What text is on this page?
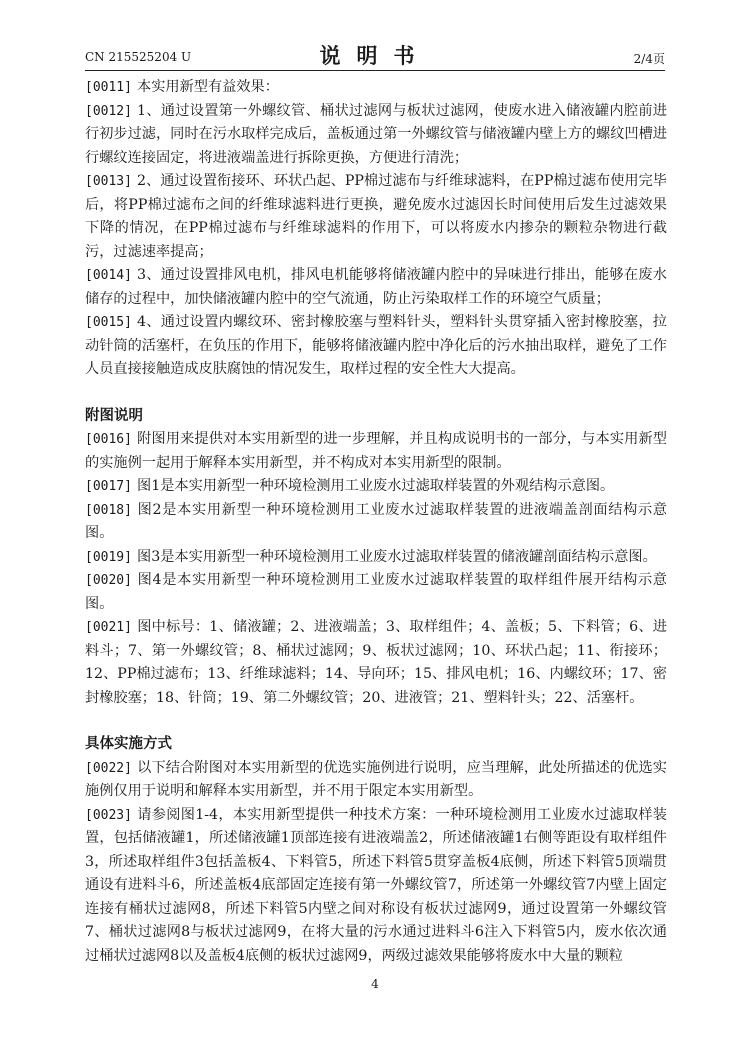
CN 215525204 U	说明书	2/4页

[0011] 本实用新型有益效果：

[0012] 1、通过设置第一外螺纹管、桶状过滤网与板状过滤网，使废水进入储液罐内腔前进行初步过滤，同时在污水取样完成后，盖板通过第一外螺纹管与储液罐内壁上方的螺纹凹槽进行螺纹连接固定，将进液端盖进行拆除更换，方便进行清洗；

[0013] 2、通过设置衔接环、环状凸起、PP棉过滤布与纤维球滤料，在PP棉过滤布使用完毕后，将PP棉过滤布之间的纤维球滤料进行更换，避免废水过滤因长时间使用后发生过滤效果下降的情况，在PP棉过滤布与纤维球滤料的作用下，可以将废水内掺杂的颗粒杂物进行截污，过滤速率提高；

[0014] 3、通过设置排风电机，排风电机能够将储液罐内腔中的异味进行排出，能够在废水储存的过程中，加快储液罐内腔中的空气流通，防止污染取样工作的环境空气质量；

[0015] 4、通过设置内螺纹环、密封橡胶塞与塑料针头，塑料针头贯穿插入密封橡胶塞，拉动针筒的活塞杆，在负压的作用下，能够将储液罐内腔中净化后的污水抽出取样，避免了工作人员直接接触造成皮肤腐蚀的情况发生，取样过程的安全性大大提高。

附图说明

[0016] 附图用来提供对本实用新型的进一步理解，并且构成说明书的一部分，与本实用新型的实施例一起用于解释本实用新型，并不构成对本实用新型的限制。

[0017] 图1是本实用新型一种环境检测用工业废水过滤取样装置的外观结构示意图。

[0018] 图2是本实用新型一种环境检测用工业废水过滤取样装置的进液端盖剖面结构示意图。

[0019] 图3是本实用新型一种环境检测用工业废水过滤取样装置的储液罐剖面结构示意图。

[0020] 图4是本实用新型一种环境检测用工业废水过滤取样装置的取样组件展开结构示意图。

[0021] 图中标号：1、储液罐；2、进液端盖；3、取样组件；4、盖板；5、下料管；6、进料斗；7、第一外螺纹管；8、桶状过滤网；9、板状过滤网；10、环状凸起；11、衔接环；12、PP棉过滤布；13、纤维球滤料；14、导向环；15、排风电机；16、内螺纹环；17、密封橡胶塞；18、针筒；19、第二外螺纹管；20、进液管；21、塑料针头；22、活塞杆。

具体实施方式

[0022] 以下结合附图对本实用新型的优选实施例进行说明，应当理解，此处所描述的优选实施例仅用于说明和解释本实用新型，并不用于限定本实用新型。

[0023] 请参阅图1-4，本实用新型提供一种技术方案：一种环境检测用工业废水过滤取样装置，包括储液罐1，所述储液罐1顶部连接有进液端盖2，所述储液罐1右侧等距设有取样组件3，所述取样组件3包括盖板4、下料管5，所述下料管5贯穿盖板4底侧，所述下料管5顶端贯通设有进料斗6，所述盖板4底部固定连接有第一外螺纹管7，所述第一外螺纹管7内壁上固定连接有桶状过滤网8，所述下料管5内壁之间对称设有板状过滤网9，通过设置第一外螺纹管7、桶状过滤网8与板状过滤网9，在将大量的污水通过进料斗6注入下料管5内，废水依次通过桶状过滤网8以及盖板4底侧的板状过滤网9，两级过滤效果能够将废水中大量的颗粒

4
